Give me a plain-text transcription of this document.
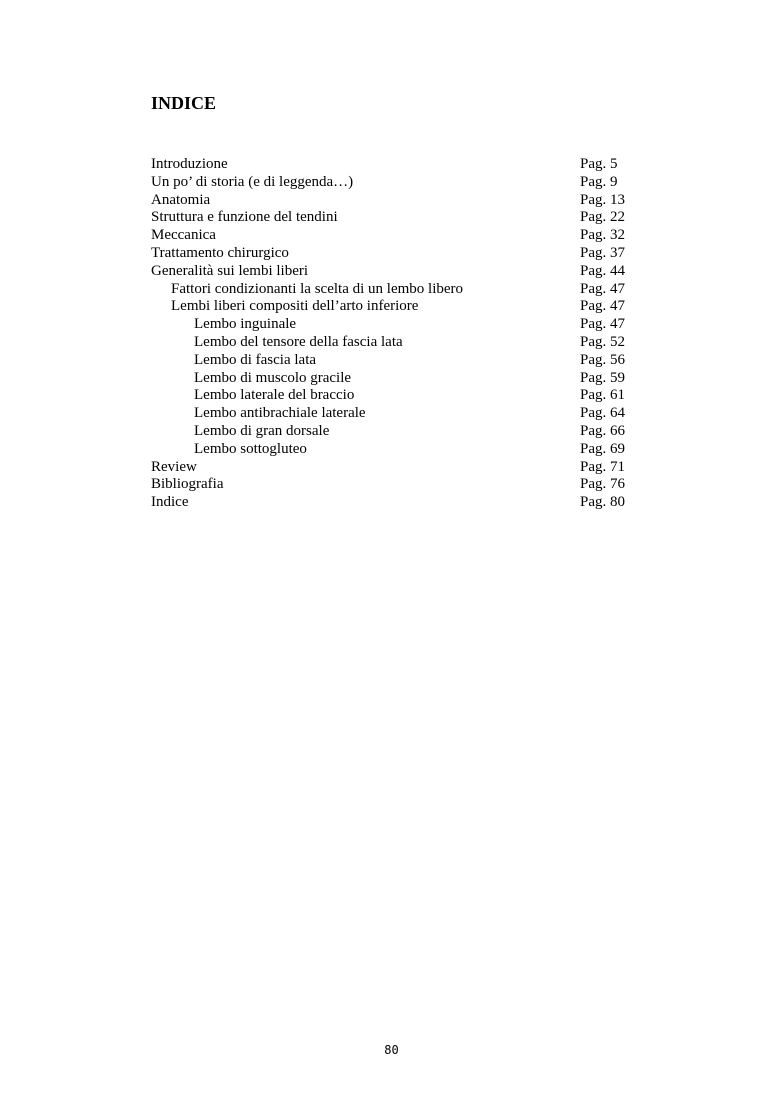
INDICE
Introduzione	Pag. 5
Un po’ di storia (e di leggenda…)	Pag. 9
Anatomia	Pag. 13
Struttura e funzione del tendini	Pag. 22
Meccanica	Pag. 32
Trattamento chirurgico	Pag. 37
Generalità sui lembi liberi	Pag. 44
Fattori condizionanti la scelta di un lembo libero	Pag. 47
Lembi liberi compositi dell’arto inferiore	Pag. 47
Lembo inguinale	Pag. 47
Lembo del tensore della fascia lata	Pag. 52
Lembo di fascia lata	Pag. 56
Lembo di muscolo gracile	Pag. 59
Lembo laterale del braccio	Pag. 61
Lembo antibrachiale laterale	Pag. 64
Lembo di gran dorsale	Pag. 66
Lembo sottogluteo	Pag. 69
Review	Pag. 71
Bibliografia	Pag. 76
Indice	Pag. 80
80
